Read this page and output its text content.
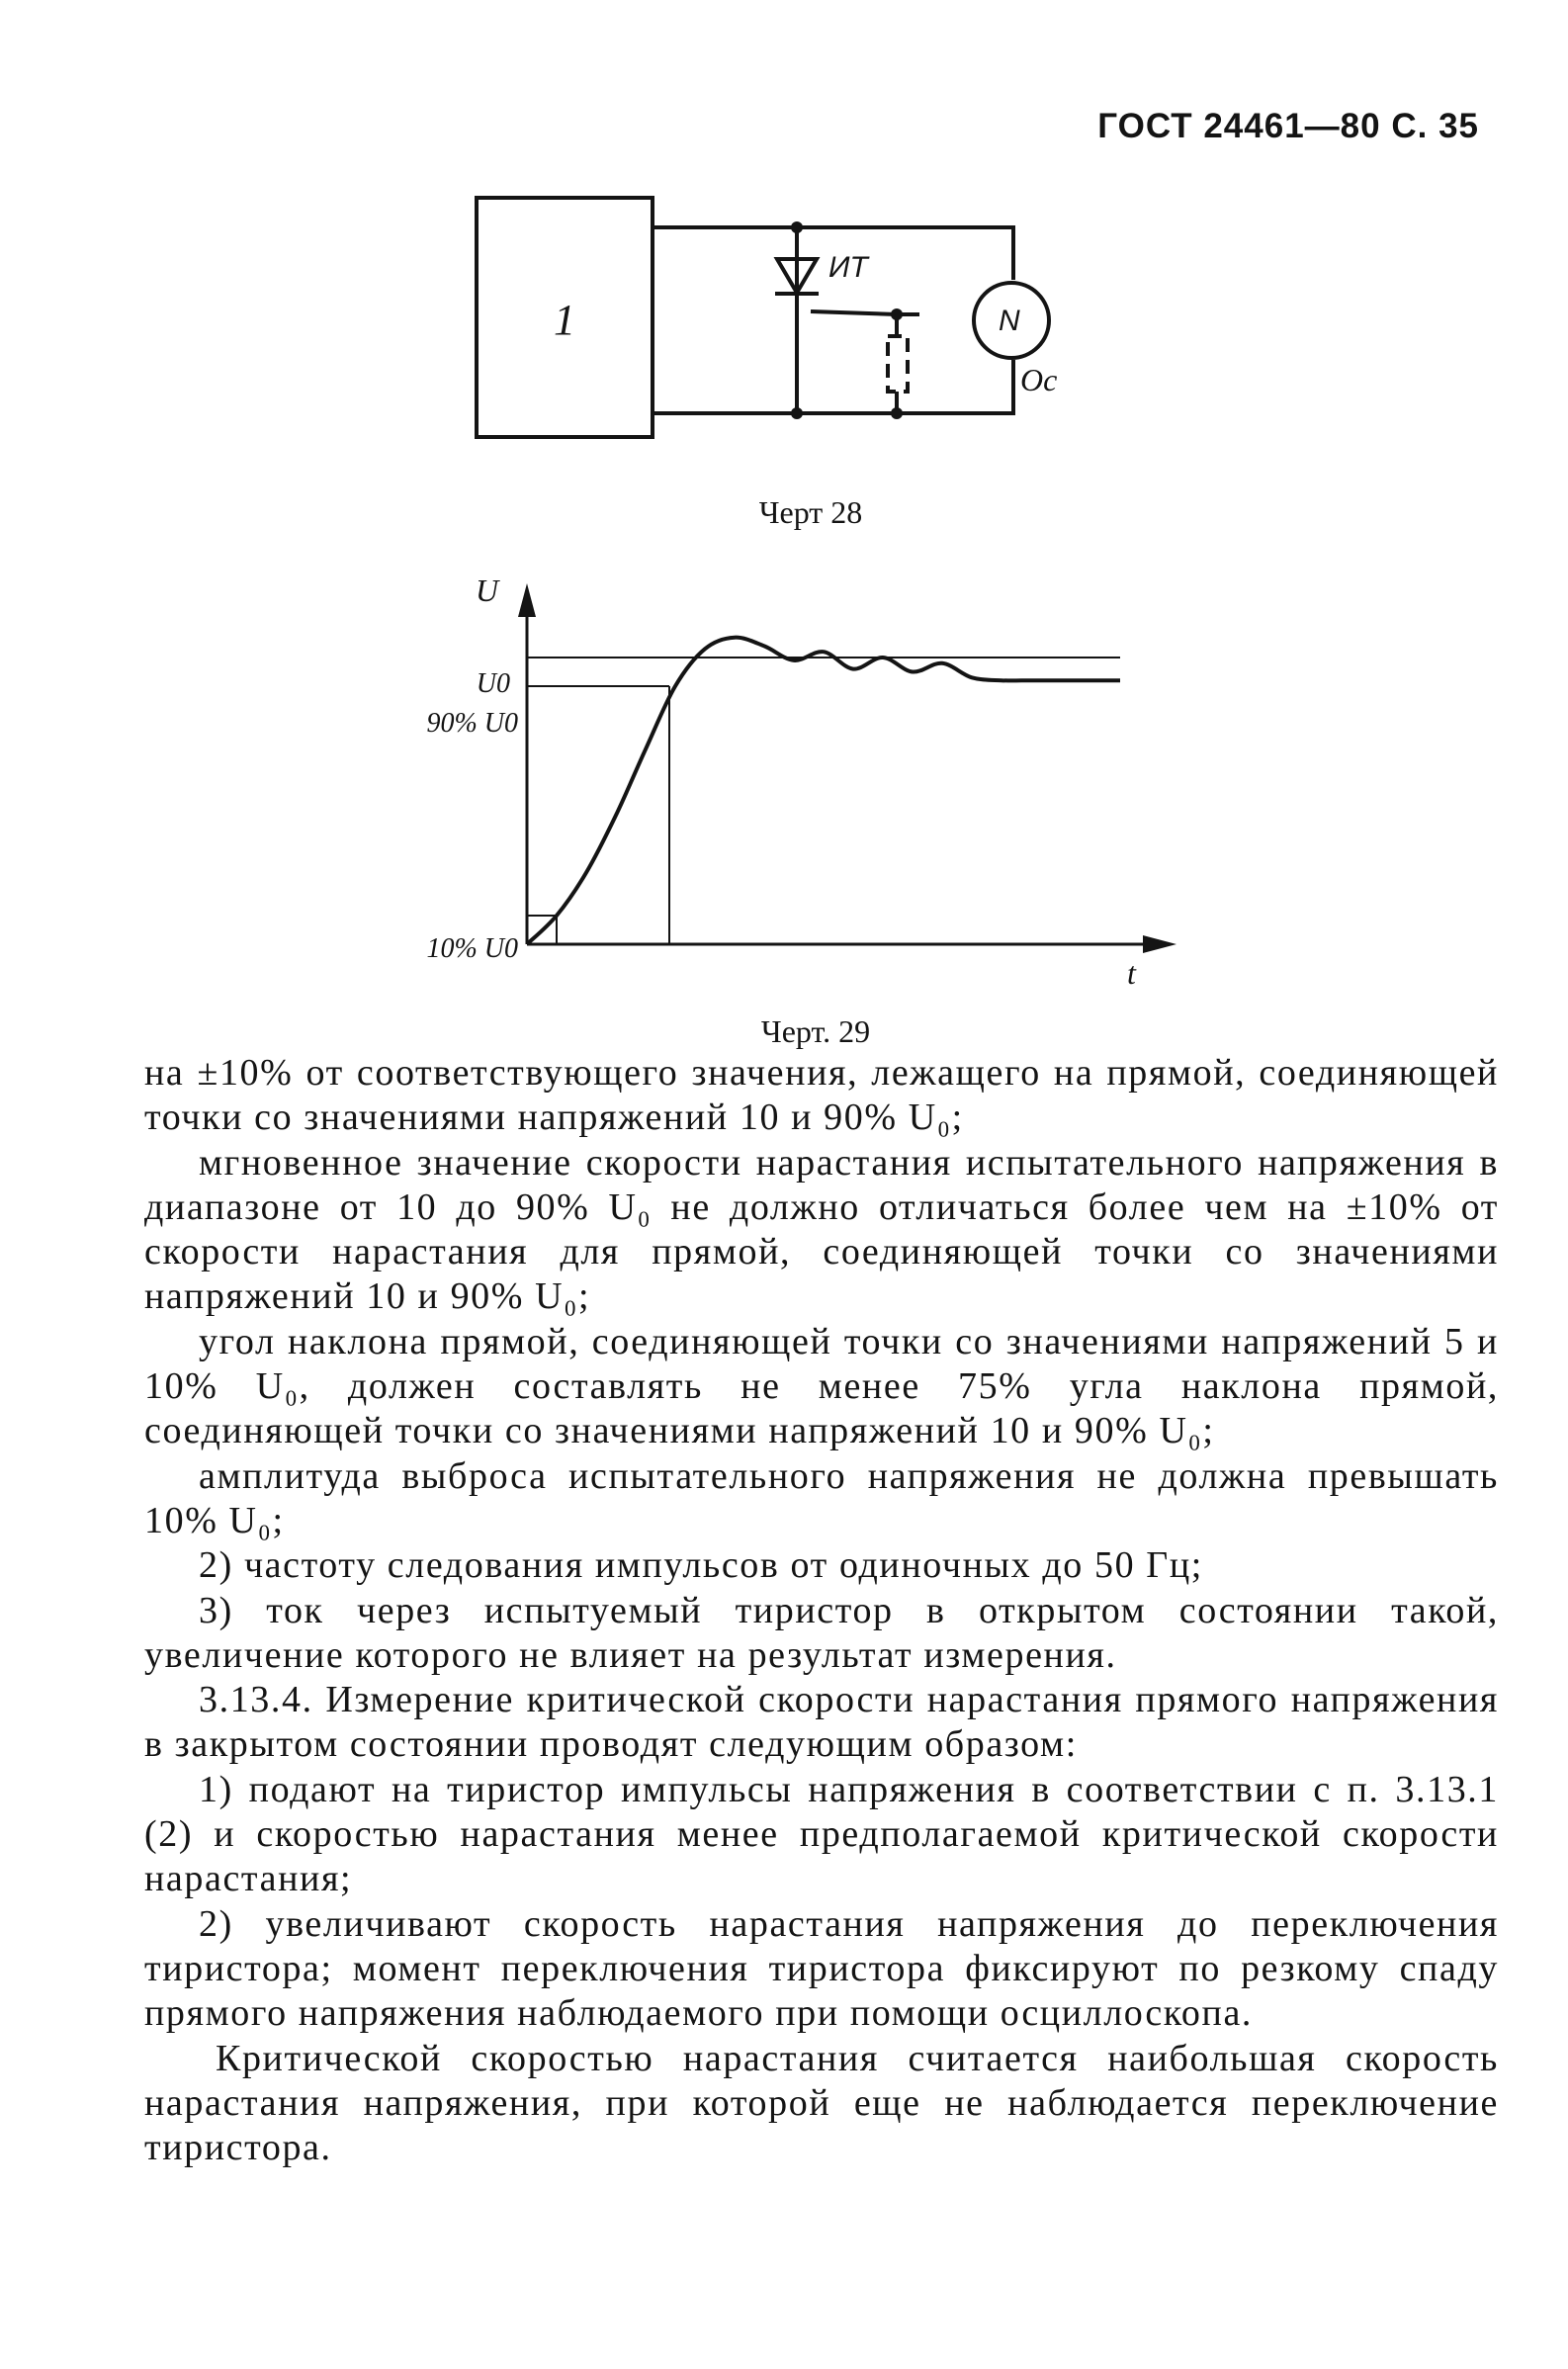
ГОСТ 24461—80 С. 35
1
ИТ
N
Ос
Черт 28
U
t
U0
90% U0
10% U0
Черт. 29

на ±10% от соответствующего значения, лежащего на прямой, соединяющей точки со значениями напряжений 10 и 90% U₀;

мгновенное значение скорости нарастания испытательного напряжения в диапазоне от 10 до 90% U₀ не должно отличаться более чем на ±10% от скорости нарастания для прямой, соединяющей точки со значениями напряжений 10 и 90% U₀;

угол наклона прямой, соединяющей точки со значениями напряжений 5 и 10% U₀, должен составлять не менее 75% угла наклона прямой, соединяющей точки со значениями напряжений 10 и 90% U₀;

амплитуда выброса испытательного напряжения не должна превышать 10% U₀;

2) частоту следования импульсов от одиночных до 50 Гц;

3) ток через испытуемый тиристор в открытом состоянии такой, увеличение которого не влияет на результат измерения.

3.13.4. Измерение критической скорости нарастания прямого напряжения в закрытом состоянии проводят следующим образом:

1) подают на тиристор импульсы напряжения в соответствии с п. 3.13.1 (2) и скоростью нарастания менее предполагаемой критической скорости нарастания;

2) увеличивают скорость нарастания напряжения до переключения тиристора; момент переключения тиристора фиксируют по резкому спаду прямого напряжения наблюдаемого при помощи осциллоскопа.

Критической скоростью нарастания считается наибольшая скорость нарастания напряжения, при которой еще не наблюдается переключение тиристора.
